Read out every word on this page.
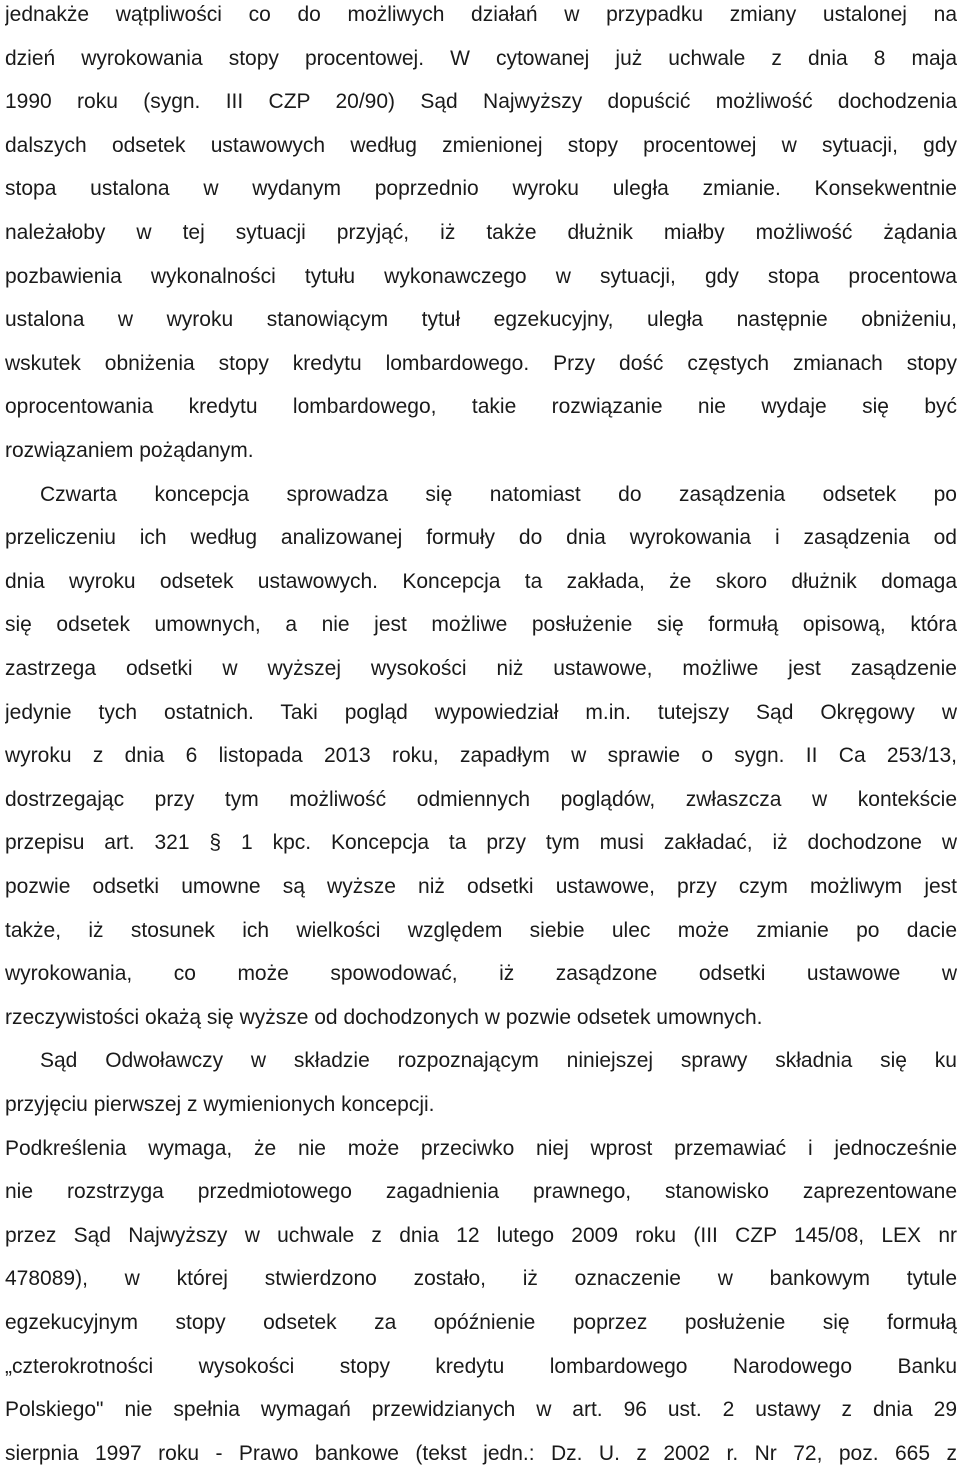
jednakże wątpliwości co do możliwych działań w przypadku zmiany ustalonej na
dzień wyrokowania stopy procentowej. W cytowanej już uchwale z dnia 8 maja
1990 roku (sygn. III CZP 20/90) Sąd Najwyższy dopuścić możliwość dochodzenia
dalszych odsetek ustawowych według zmienionej stopy procentowej w sytuacji, gdy
stopa ustalona w wydanym poprzednio wyroku uległa zmianie. Konsekwentnie
należałoby w tej sytuacji przyjąć, iż także dłużnik miałby możliwość żądania
pozbawienia wykonalności tytułu wykonawczego w sytuacji, gdy stopa procentowa
ustalona w wyroku stanowiącym tytuł egzekucyjny, uległa następnie obniżeniu,
wskutek obniżenia stopy kredytu lombardowego. Przy dość częstych zmianach stopy
oprocentowania kredytu lombardowego, takie rozwiązanie nie wydaje się być
rozwiązaniem pożądanym.
Czwarta koncepcja sprowadza się natomiast do zasądzenia odsetek po
przeliczeniu ich według analizowanej formuły do dnia wyrokowania i zasądzenia od
dnia wyroku odsetek ustawowych. Koncepcja ta zakłada, że skoro dłużnik domaga
się odsetek umownych, a nie jest możliwe posłużenie się formułą opisową, która
zastrzega odsetki w wyższej wysokości niż ustawowe, możliwe jest zasądzenie
jedynie tych ostatnich. Taki pogląd wypowiedział m.in. tutejszy Sąd Okręgowy w
wyroku z dnia 6 listopada 2013 roku, zapadłym w sprawie o sygn. II Ca 253/13,
dostrzegając przy tym możliwość odmiennych poglądów, zwłaszcza w kontekście
przepisu art. 321 § 1 kpc. Koncepcja ta przy tym musi zakładać, iż dochodzone w
pozwie odsetki umowne są wyższe niż odsetki ustawowe, przy czym możliwym jest
także, iż stosunek ich wielkości względem siebie ulec może zmianie po dacie
wyrokowania, co może spowodować, iż zasądzone odsetki ustawowe w
rzeczywistości okażą się wyższe od dochodzonych w pozwie odsetek umownych.
Sąd Odwoławczy w składzie rozpoznającym niniejszej sprawy składnia się ku
przyjęciu pierwszej z wymienionych koncepcji.
Podkreślenia wymaga, że nie może przeciwko niej wprost przemawiać i jednocześnie
nie rozstrzyga przedmiotowego zagadnienia prawnego, stanowisko zaprezentowane
przez Sąd Najwyższy w uchwale z dnia 12 lutego 2009 roku (III CZP 145/08, LEX nr
478089), w której stwierdzono zostało, iż oznaczenie w bankowym tytule
egzekucyjnym stopy odsetek za opóźnienie poprzez posłużenie się formułą
„czterokrotności wysokości stopy kredytu lombardowego Narodowego Banku
Polskiego" nie spełnia wymagań przewidzianych w art. 96 ust. 2 ustawy z dnia 29
sierpnia 1997 roku - Prawo bankowe (tekst jedn.: Dz. U. z 2002 r. Nr 72, poz. 665 z
